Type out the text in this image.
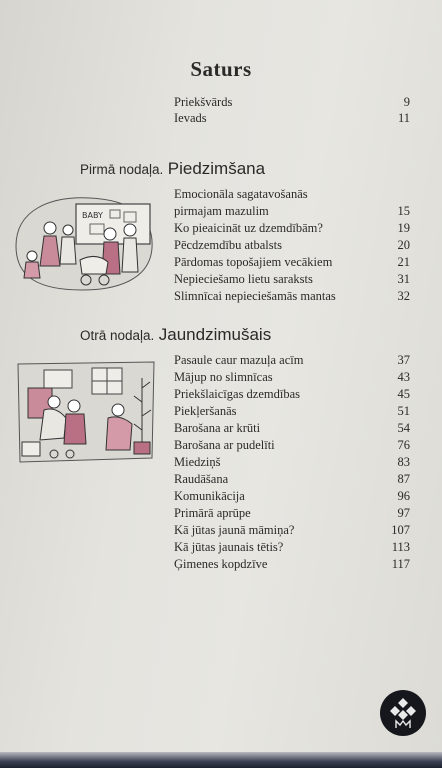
Saturs
Priekšvārds	9
Ievads	11
Pirmā nodaļa. Piedzimšana
BABY
Emocionāla sagatavošanās
pirmajam mazulim	15
Ko pieaicināt uz dzemdībām?	19
Pēcdzemdību atbalsts	20
Pārdomas topošajiem vecākiem	21
Nepieciešamo lietu saraksts	31
Slimnīcai nepieciešamās mantas	32
Otrā nodaļa. Jaundzimušais
Pasaule caur mazuļa acīm	37
Mājup no slimnīcas	43
Priekšlaicīgas dzemdības	45
Piekļeršanās	51
Barošana ar krūti	54
Barošana ar pudelīti	76
Miedziņš	83
Raudāšana	87
Komunikācija	96
Primārā aprūpe	97
Kā jūtas jaunā māmiņa?	107
Kā jūtas jaunais tētis?	113
Ģimenes kopdzīve	117
